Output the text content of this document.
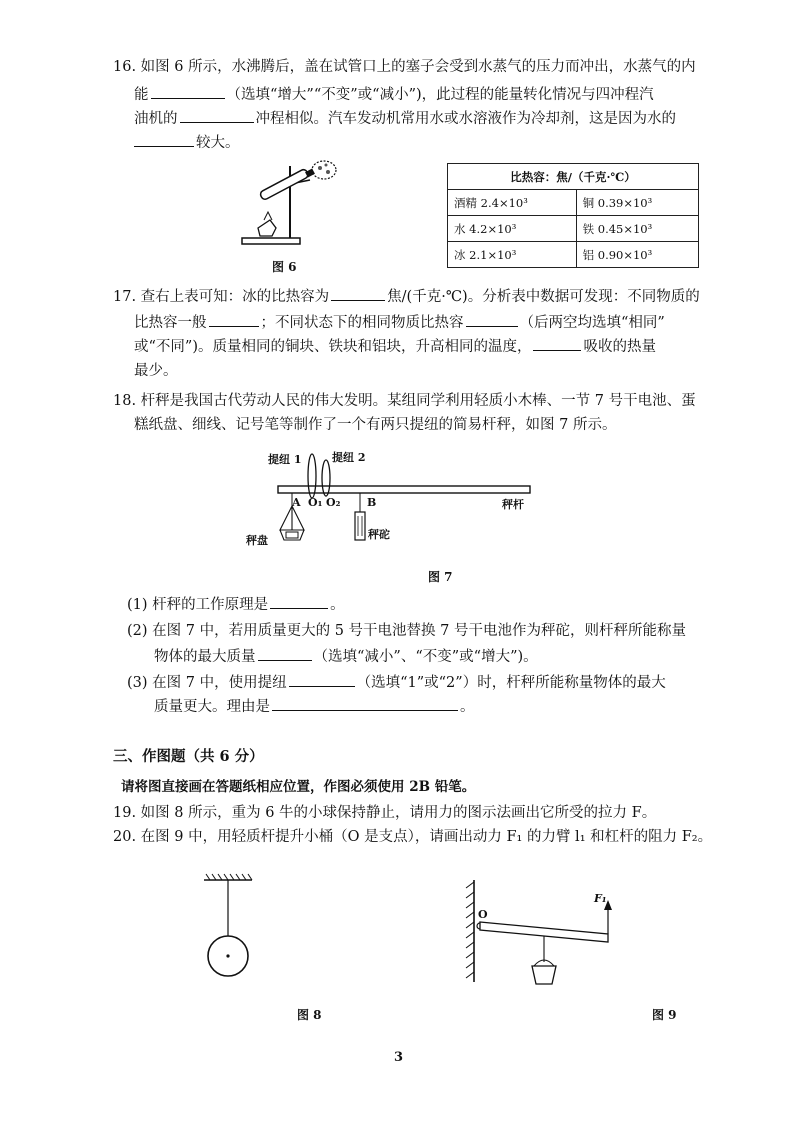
16. 如图 6 所示，水沸腾后，盖在试管口上的塞子会受到水蒸气的压力而冲出，水蒸气的内
能	（选填“增大”“不变”或“减小”)，此过程的能量转化情况与四冲程汽
油机的	冲程相似。汽车发动机常用水或水溶液作为冷却剂，这是因为水的
较大。
图 6
比热容：焦/（千克·℃）	
酒精 2.4×10³	铜 0.39×10³
水 4.2×10³	铁 0.45×10³
冰 2.1×10³	铝 0.90×10³
17. 查右上表可知：冰的比热容为	焦/(千克·℃)。分析表中数据可发现：不同物质的
比热容一般	；不同状态下的相同物质比热容	（后两空均选填“相同”
或“不同”)。质量相同的铜块、铁块和铝块，升高相同的温度，	吸收的热量
最少。
18. 杆秤是我国古代劳动人民的伟大发明。某组同学利用轻质小木棒、一节 7 号干电池、蛋
糕纸盘、细线、记号笔等制作了一个有两只提纽的简易杆秤，如图 7 所示。
提纽 1	提纽 2
A O₁ O₂ B	秤杆
秤盘	秤砣
图 7
(1) 杆秤的工作原理是	。
(2) 在图 7 中，若用质量更大的 5 号干电池替换 7 号干电池作为秤砣，则杆秤所能称量
物体的最大质量	（选填“减小”、“不变”或“增大”)。
(3) 在图 7 中，使用提纽	（选填“1”或“2”）时，杆秤所能称量物体的最大
质量更大。理由是	。
三、作图题（共 6 分）
请将图直接画在答题纸相应位置，作图必须使用 2B 铅笔。
19. 如图 8 所示，重为 6 牛的小球保持静止，请用力的图示法画出它所受的拉力 F。
20. 在图 9 中，用轻质杆提升小桶（O 是支点），请画出动力 F₁ 的力臂 l₁ 和杠杆的阻力 F₂。
图 8
O
F₁
图 9
3
